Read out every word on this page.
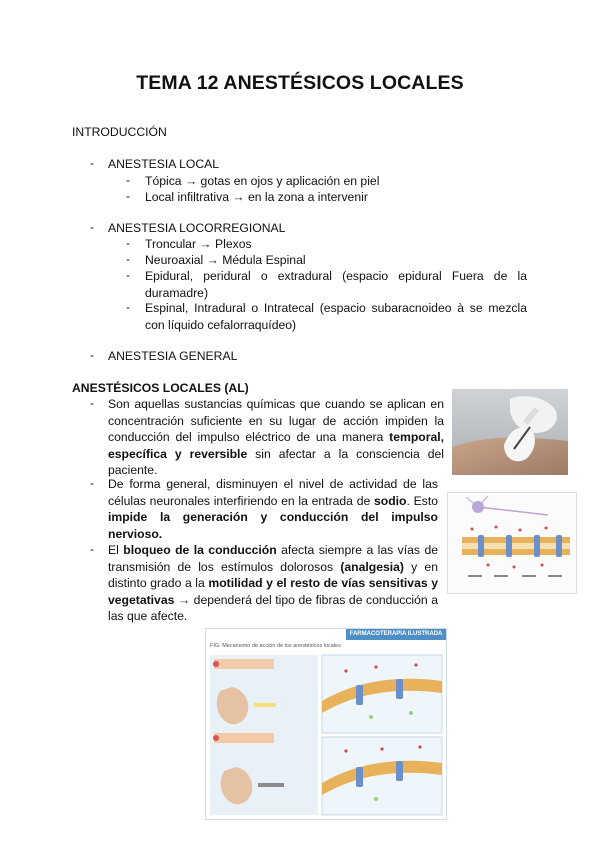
TEMA 12 ANESTÉSICOS LOCALES
INTRODUCCIÓN
- ANESTESIA LOCAL
- Tópica → gotas en ojos y aplicación en piel
- Local infiltrativa → en la zona a intervenir
- ANESTESIA LOCORREGIONAL
- Troncular → Plexos
- Neuroaxial → Médula Espinal
- Epidural, peridural o extradural (espacio epidural Fuera de la duramadre)
- Espinal, Intradural o Intratecal (espacio subaracnoideo à se mezcla con líquido cefalorraquídeo)
- ANESTESIA GENERAL
ANESTÉSICOS LOCALES (AL)
- Son aquellas sustancias químicas que cuando se aplican en concentración suficiente en su lugar de acción impiden la conducción del impulso eléctrico de una manera temporal, específica y reversible sin afectar a la consciencia del paciente.
- De forma general, disminuyen el nivel de actividad de las células neuronales interfiriendo en la entrada de sodio. Esto impide la generación y conducción del impulso nervioso.
- El bloqueo de la conducción afecta siempre a las vías de transmisión de los estímulos dolorosos (analgesia) y en distinto grado a la motilidad y el resto de vías sensitivas y vegetativas → dependerá del tipo de fibras de conducción a las que afecte.
FARMACOTERAPIA ILUSTRADA
FIG. Mecanismo de acción de los anestésicos locales
